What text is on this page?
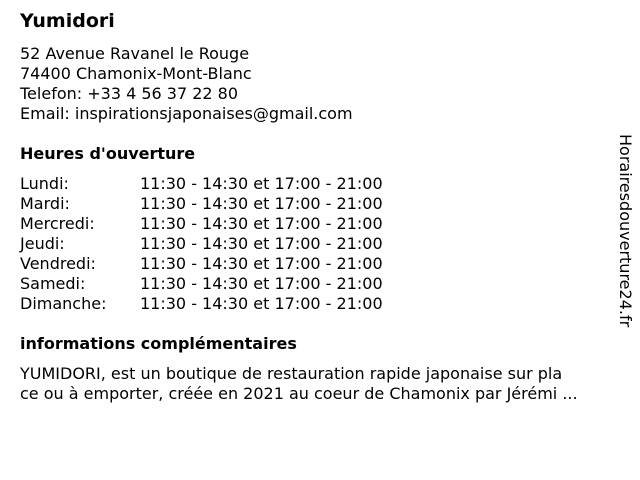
Yumidori
52 Avenue Ravanel le Rouge
74400 Chamonix-Mont-Blanc
Telefon: +33 4 56 37 22 80
Email: inspirationsjaponaises@gmail.com
Heures d'ouverture
Lundi:	11:30 - 14:30 et 17:00 - 21:00
Mardi:	11:30 - 14:30 et 17:00 - 21:00
Mercredi:	11:30 - 14:30 et 17:00 - 21:00
Jeudi:	11:30 - 14:30 et 17:00 - 21:00
Vendredi:	11:30 - 14:30 et 17:00 - 21:00
Samedi:	11:30 - 14:30 et 17:00 - 21:00
Dimanche: 11:30 - 14:30 et 17:00 - 21:00
informations complémentaires
YUMIDORI, est un boutique de restauration rapide japonaise sur pla
ce ou à emporter, créée en 2021 au coeur de Chamonix par Jérémi ...
Horairesdouverture24.fr
